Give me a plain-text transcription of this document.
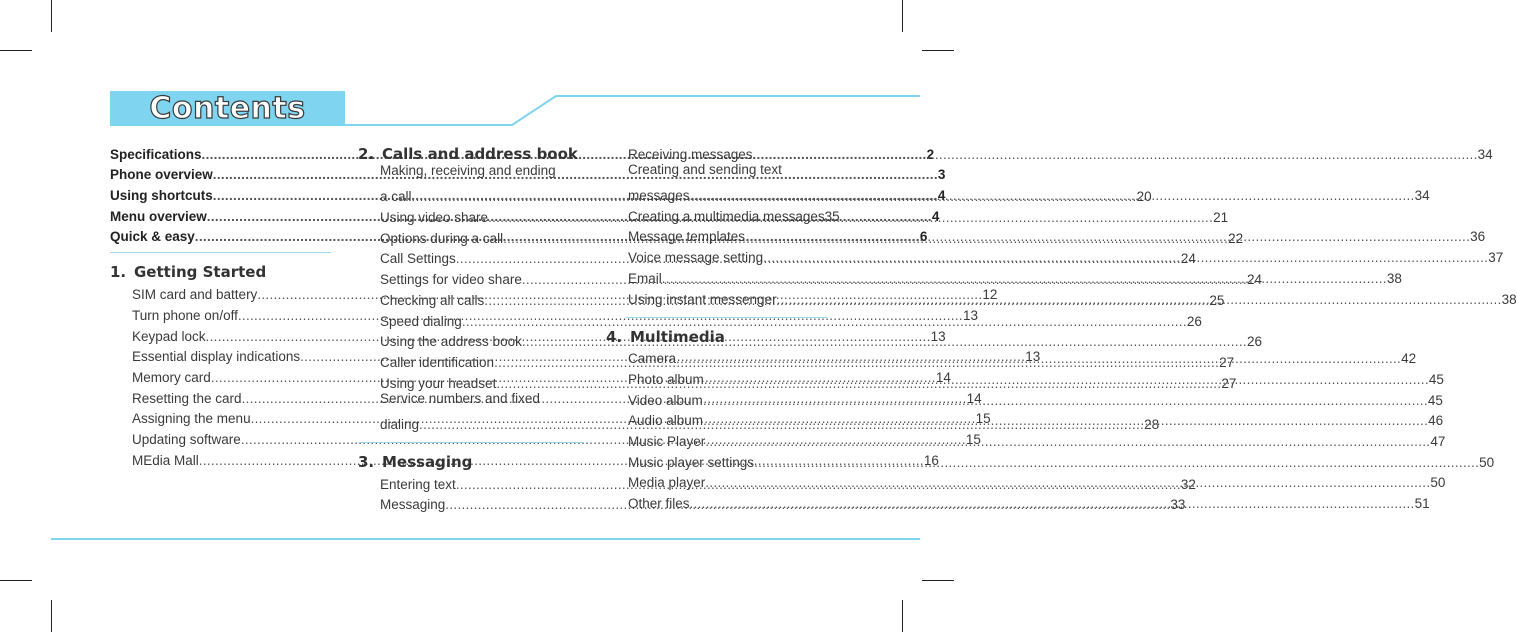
Contents
Specifications .....	2
Phone overview .....	3
Using shortcuts .....	4
Menu overview .....	4
Quick & easy .....	6
1. Getting Started
SIM card and battery .....	12
Turn phone on/off .....	13
Keypad lock .....	13
Essential display indications .....	13
Memory card .....	14
Resetting the card .....	14
Assigning the menu .....	15
Updating software .....	15
MEdia Mall .....	16
2. Calls and address book
Making, receiving and ending
a call .....	20
Using video share .....	21
Options during a call .....	22
Call Settings .....	24
Settings for video share .....	24
Checking all calls .....	25
Speed dialing .....	26
Using the address book .....	26
Caller identification .....	27
Using your headset .....	27
Service numbers and fixed
dialing .....	28
3. Messaging
Entering text .....	32
Messaging .....	33
Receiving messages .....	34
Creating and sending text
messages .....	34
Creating a multimedia messages 35
Message templates .....	36
Voice message setting .....	37
Email .....	38
Using instant messenger .....	38
4. Multimedia
Camera .....	42
Photo album .....	45
Video album .....	45
Audio album .....	46
Music Player .....	47
Music player settings .....	50
Media player .....	50
Other files .....	51
